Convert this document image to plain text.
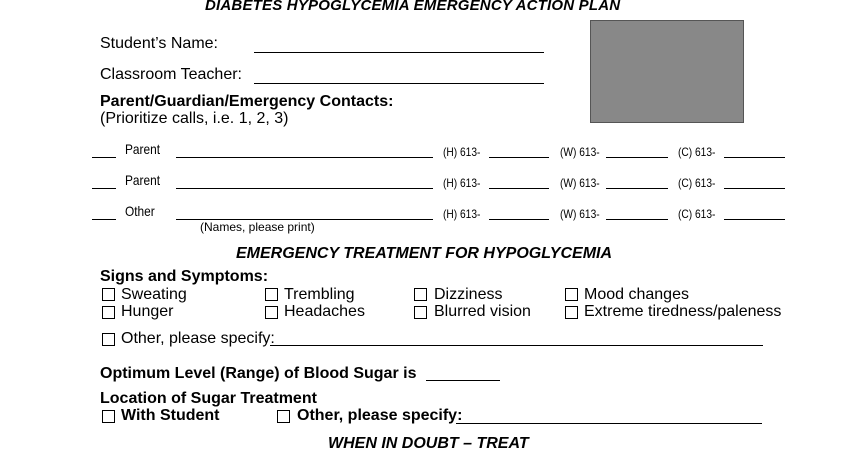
DIABETES HYPOGLYCEMIA EMERGENCY ACTION PLAN
Student’s Name:
Classroom Teacher:
Parent/Guardian/Emergency Contacts:
(Prioritize calls, i.e. 1, 2, 3)
Parent	(H) 613-	(W) 613-	(C) 613-
Parent	(H) 613-	(W) 613-	(C) 613-
Other	(H) 613-	(W) 613-	(C) 613-
(Names, please print)
EMERGENCY TREATMENT FOR HYPOGLYCEMIA
Signs and Symptoms:
Sweating	Trembling	Dizziness	Mood changes
Hunger	Headaches	Blurred vision	Extreme tiredness/paleness
Other, please specify:
Optimum Level (Range) of Blood Sugar is
Location of Sugar Treatment
With Student	Other, please specify:
WHEN IN DOUBT – TREAT
